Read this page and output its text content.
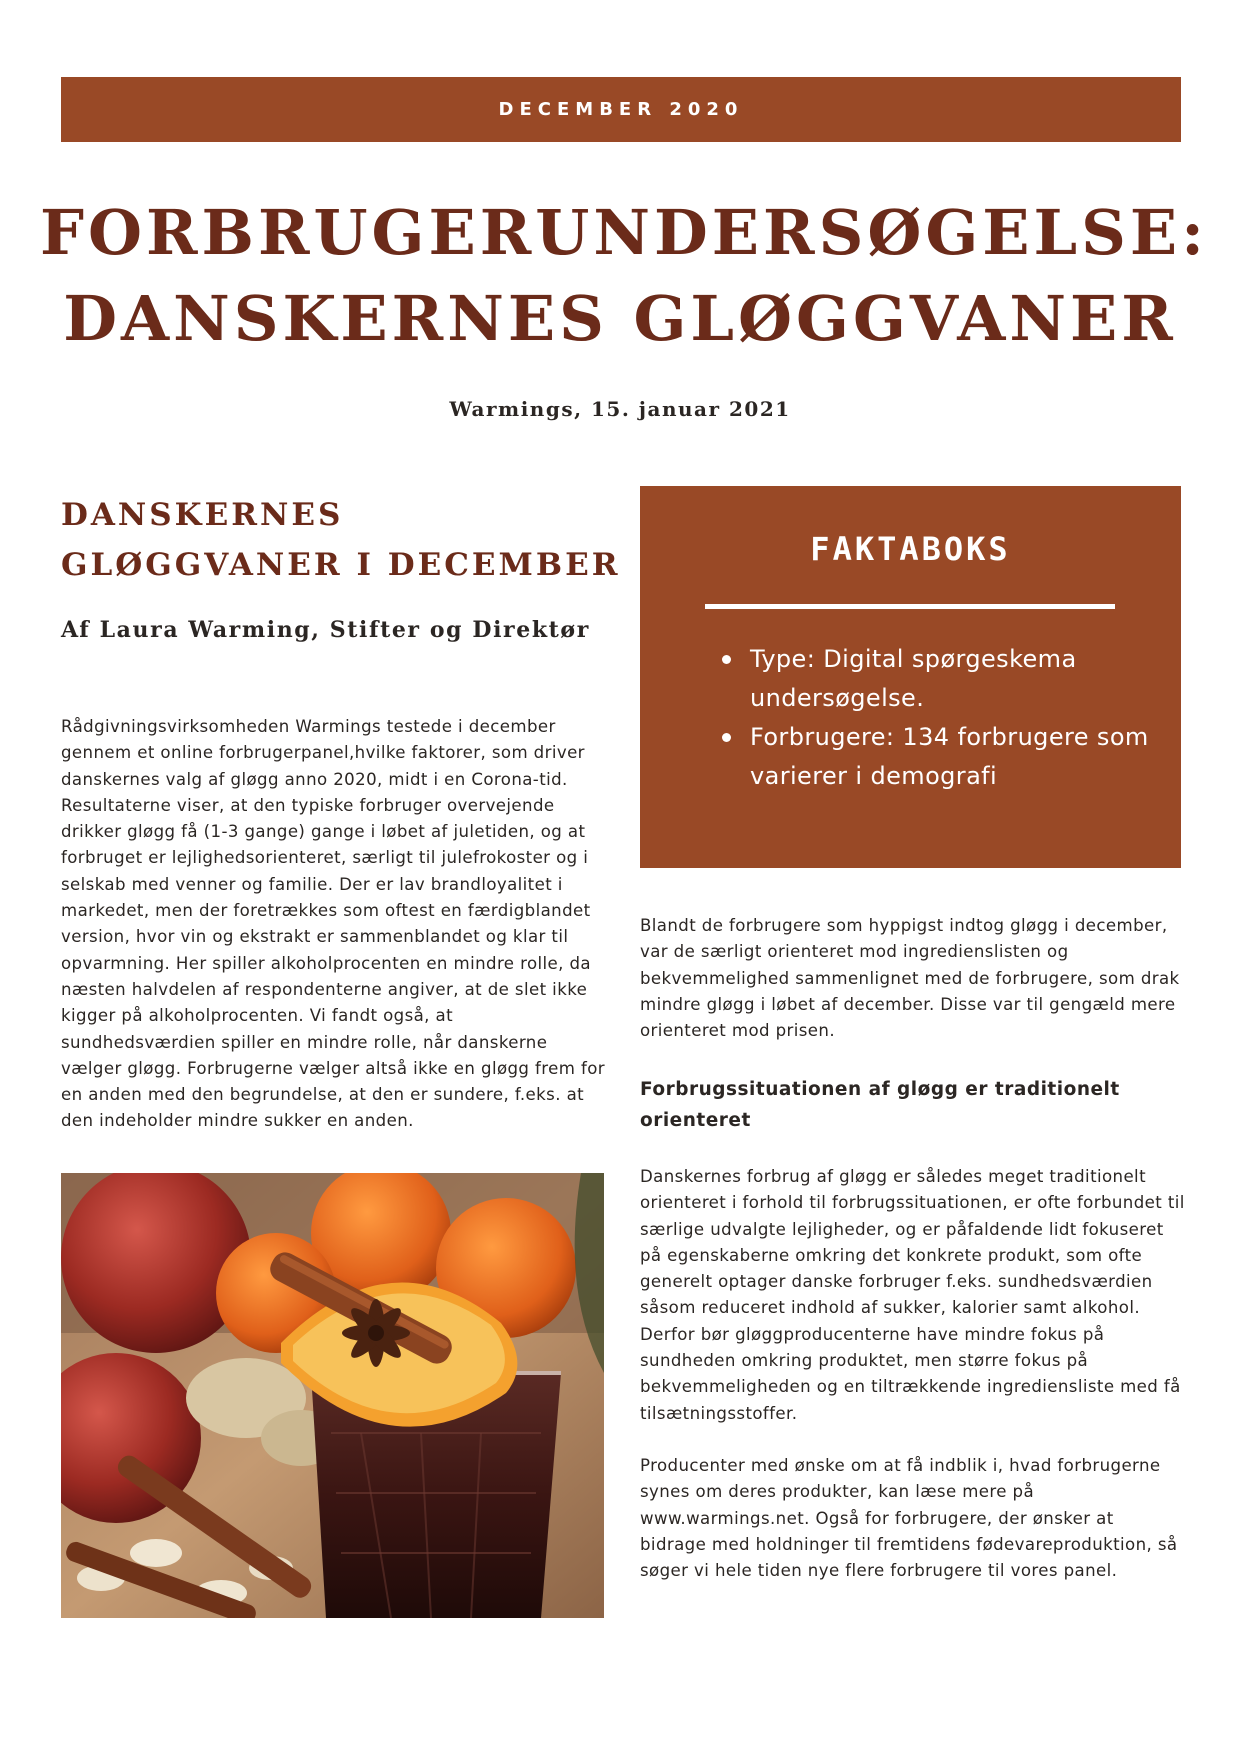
DECEMBER 2020
FORBRUGERUNDERSØGELSE:
DANSKERNES GLØGGVANER
Warmings, 15. januar 2021
DANSKERNES
GLØGGVANER I DECEMBER
Af Laura Warming, Stifter og Direktør

Rådgivningsvirksomheden Warmings testede i december gennem et online forbrugerpanel,hvilke faktorer, som driver danskernes valg af gløgg anno 2020, midt i en Corona-tid. Resultaterne viser, at den typiske forbruger overvejende drikker gløgg få (1-3 gange) gange i løbet af juletiden, og at forbruget er lejlighedsorienteret, særligt til julefrokoster og i selskab med venner og familie. Der er lav brandloyalitet i markedet, men der foretrækkes som oftest en færdigblandet version, hvor vin og ekstrakt er sammenblandet og klar til opvarmning. Her spiller alkoholprocenten en mindre rolle, da næsten halvdelen af respondenterne angiver, at de slet ikke kigger på alkoholprocenten. Vi fandt også, at sundhedsværdien spiller en mindre rolle, når danskerne vælger gløgg. Forbrugerne vælger altså ikke en gløgg frem for en anden med den begrundelse, at den er sundere, f.eks. at den indeholder mindre sukker en anden.

FAKTABOKS
Type: Digital spørgeskema undersøgelse.
Forbrugere: 134 forbrugere som varierer i demografi

Blandt de forbrugere som hyppigst indtog gløgg i december, var de særligt orienteret mod ingredienslisten og bekvemmelighed sammenlignet med de forbrugere, som drak mindre gløgg i løbet af december. Disse var til gengæld mere orienteret mod prisen.

Forbrugssituationen af gløgg er traditionelt orienteret

Danskernes forbrug af gløgg er således meget traditionelt orienteret i forhold til forbrugssituationen, er ofte forbundet til særlige udvalgte lejligheder, og er påfaldende lidt fokuseret på egenskaberne omkring det konkrete produkt, som ofte generelt optager danske forbruger f.eks. sundhedsværdien såsom reduceret indhold af sukker, kalorier samt alkohol. Derfor bør gløggproducenterne have mindre fokus på sundheden omkring produktet, men større fokus på bekvemmeligheden og en tiltrækkende ingrediensliste med få tilsætningsstoffer.

Producenter med ønske om at få indblik i, hvad forbrugerne synes om deres produkter, kan læse mere på www.warmings.net. Også for forbrugere, der ønsker at bidrage med holdninger til fremtidens fødevareproduktion, så søger vi hele tiden nye flere forbrugere til vores panel.
